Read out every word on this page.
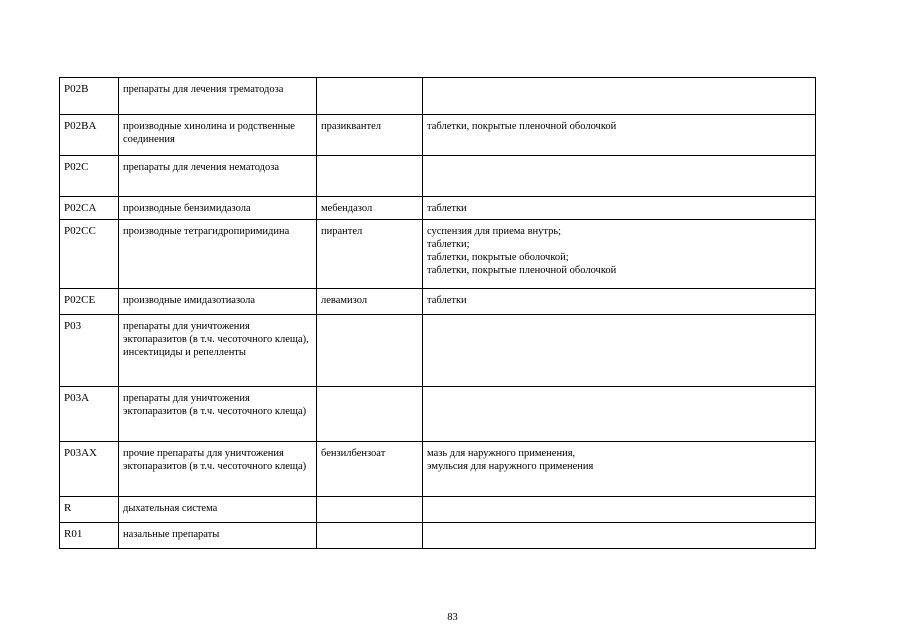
P02B	препараты для лечения трематодоза		
P02BA	производные хинолина и родственные соединения	празиквантел	таблетки, покрытые пленочной оболочкой

P02C	препараты для лечения нематодоза		
P02CA	производные бензимидазола	мебендазол	таблетки

P02CC	производные тетрагидропиримидина	пирантел	суспензия для приема внутрь;
таблетки;
таблетки, покрытые оболочкой;
таблетки, покрытые пленочной оболочкой

P02CE	производные имидазотиазола	левамизол	таблетки

P03	препараты для уничтожения эктопаразитов (в т.ч. чесоточного клеща), инсектициды и репелленты		
P03A	препараты для уничтожения эктопаразитов (в т.ч. чесоточного клеща)		
P03AX	прочие препараты для уничтожения эктопаразитов (в т.ч. чесоточного клеща)	бензилбензоат	мазь для наружного применения,
эмульсия для наружного применения

R	дыхательная система		
R01	назальные препараты		
83
